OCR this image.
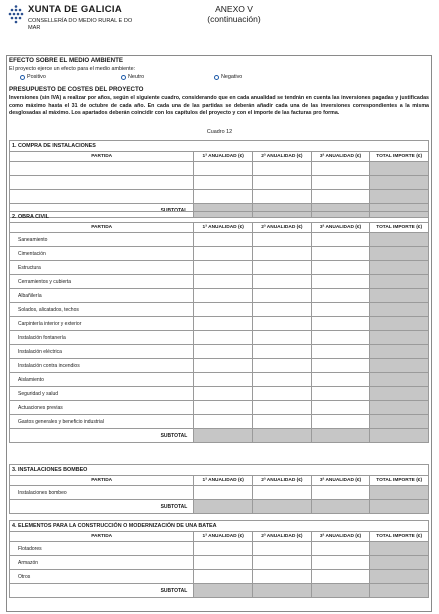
XUNTA DE GALICIA
CONSELLERÍA DO MEDIO RURAL E DO MAR
ANEXO V
(continuación)
EFECTO SOBRE EL MEDIO AMBIENTE
El proyecto ejerce un efecto para el medio ambiente:
Positivo	Neutro	Negativo
PRESUPUESTO DE COSTES DEL PROYECTO
Inversiones (sin IVA) a realizar por años, según el siguiente cuadro, considerando que en cada anualidad se tendrán en cuenta las inversiones pagadas y justificadas como máximo hasta el 31 de octubre de cada año. En cada una de las partidas se deberán añadir cada una de las inversiones correspondientes a la misma desglosadas al máximo. Los apartados deberán coincidir con los capítulos del proyecto y con el importe de las facturas pro forma.
Cuadro 12
1. COMPRA DE INSTALACIONES				
PARTIDA	1ª ANUALIDAD (€)	2ª ANUALIDAD (€)	3ª ANUALIDAD (€)	TOTAL IMPORTE (€)

SUBTOTAL				
2. OBRA CIVIL				
PARTIDA	1ª ANUALIDAD (€)	2ª ANUALIDAD (€)	3ª ANUALIDAD (€)	TOTAL IMPORTE (€)
Saneamiento				
Cimentación				
Estructura				
Cerramientos y cubierta				
Albañilería				
Solados, alicatados, techos				
Carpintería interior y exterior				
Instalación fontanería				
Instalación eléctrica				
Instalación contra incendios				
Aislamiento				
Seguridad y salud				
Actuaciones previas				
Gastos generales y beneficio industrial				
SUBTOTAL				
3. INSTALACIONES BOMBEO				
PARTIDA	1ª ANUALIDAD (€)	2ª ANUALIDAD (€)	3ª ANUALIDAD (€)	TOTAL IMPORTE (€)
Instalaciones bombeo				
SUBTOTAL				
4. ELEMENTOS PARA LA CONSTRUCCIÓN O MODERNIZACIÓN DE UNA BATEA				
PARTIDA	1ª ANUALIDAD (€)	2ª ANUALIDAD (€)	3ª ANUALIDAD (€)	TOTAL IMPORTE (€)
Flotadores				
Armazón				
Otros				
SUBTOTAL				
